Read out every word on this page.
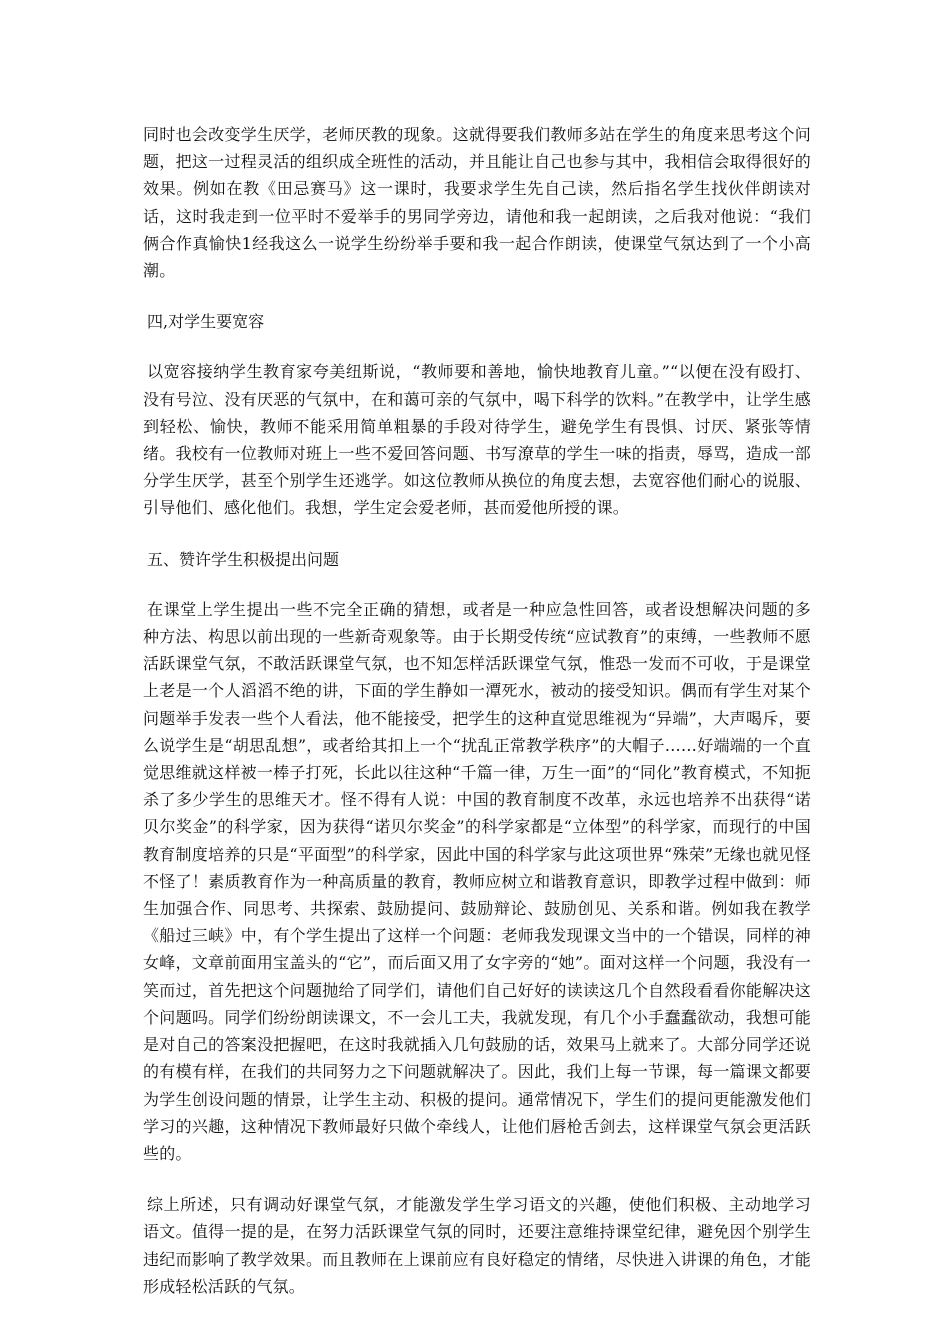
同时也会改变学生厌学，老师厌教的现象。这就得要我们教师多站在学生的角度来思考这个问题，把这一过程灵活的组织成全班性的活动，并且能让自己也参与其中，我相信会取得很好的效果。例如在教《田忌赛马》这一课时，我要求学生先自己读，然后指名学生找伙伴朗读对话，这时我走到一位平时不爱举手的男同学旁边，请他和我一起朗读，之后我对他说：“我们俩合作真愉快1经我这么一说学生纷纷举手要和我一起合作朗读，使课堂气氛达到了一个小高潮。

四,对学生要宽容

以宽容接纳学生教育家夸美纽斯说，“教师要和善地，愉快地教育儿童。”“以便在没有殴打、没有号泣、没有厌恶的气氛中，在和蔼可亲的气氛中，喝下科学的饮料。”在教学中，让学生感到轻松、愉快，教师不能采用简单粗暴的手段对待学生，避免学生有畏惧、讨厌、紧张等情绪。我校有一位教师对班上一些不爱回答问题、书写潦草的学生一味的指责，辱骂，造成一部分学生厌学，甚至个别学生还逃学。如这位教师从换位的角度去想，去宽容他们耐心的说服、引导他们、感化他们。我想，学生定会爱老师，甚而爱他所授的课。

五、赞许学生积极提出问题

在课堂上学生提出一些不完全正确的猜想，或者是一种应急性回答，或者设想解决问题的多种方法、构思以前出现的一些新奇观象等。由于长期受传统“应试教育”的束缚，一些教师不愿活跃课堂气氛，不敢活跃课堂气氛，也不知怎样活跃课堂气氛，惟恐一发而不可收，于是课堂上老是一个人滔滔不绝的讲，下面的学生静如一潭死水，被动的接受知识。偶而有学生对某个问题举手发表一些个人看法，他不能接受，把学生的这种直觉思维视为“异端”，大声喝斥，要么说学生是“胡思乱想”，或者给其扣上一个“扰乱正常教学秩序”的大帽子……好端端的一个直觉思维就这样被一棒子打死，长此以往这种“千篇一律，万生一面”的“同化”教育模式，不知扼杀了多少学生的思维天才。怪不得有人说：中国的教育制度不改革，永远也培养不出获得“诺贝尔奖金”的科学家，因为获得“诺贝尔奖金”的科学家都是“立体型”的科学家，而现行的中国教育制度培养的只是“平面型”的科学家，因此中国的科学家与此这项世界“殊荣”无缘也就见怪不怪了！素质教育作为一种高质量的教育，教师应树立和谐教育意识，即教学过程中做到：师生加强合作、同思考、共探索、鼓励提问、鼓励辩论、鼓励创见、关系和谐。例如我在教学《船过三峡》中，有个学生提出了这样一个问题：老师我发现课文当中的一个错误，同样的神女峰，文章前面用宝盖头的“它”，而后面又用了女字旁的“她”。面对这样一个问题，我没有一笑而过，首先把这个问题抛给了同学们，请他们自己好好的读读这几个自然段看看你能解决这个问题吗。同学们纷纷朗读课文，不一会儿工夫，我就发现，有几个小手蠢蠢欲动，我想可能是对自己的答案没把握吧，在这时我就插入几句鼓励的话，效果马上就来了。大部分同学还说的有模有样，在我们的共同努力之下问题就解决了。因此，我们上每一节课，每一篇课文都要为学生创设问题的情景，让学生主动、积极的提问。通常情况下，学生们的提问更能激发他们学习的兴趣，这种情况下教师最好只做个牵线人，让他们唇枪舌剑去，这样课堂气氛会更活跃些的。

综上所述，只有调动好课堂气氛，才能激发学生学习语文的兴趣，使他们积极、主动地学习语文。值得一提的是，在努力活跃课堂气氛的同时，还要注意维持课堂纪律，避免因个别学生违纪而影响了教学效果。而且教师在上课前应有良好稳定的情绪，尽快进入讲课的角色，才能形成轻松活跃的气氛。
